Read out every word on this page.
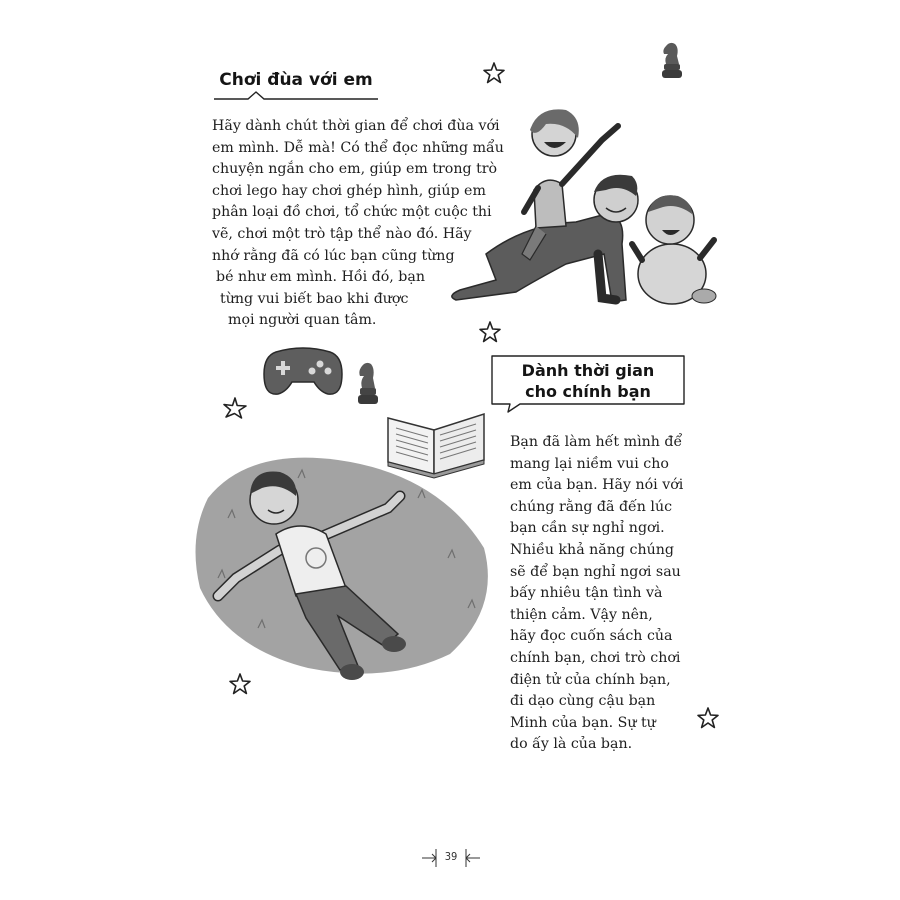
Chơi đùa với em
Hãy dành chút thời gian để chơi đùa với
em mình. Dễ mà! Có thể đọc những mẩu
chuyện ngắn cho em, giúp em trong trò
chơi lego hay chơi ghép hình, giúp em
phân loại đồ chơi, tổ chức một cuộc thi
vẽ, chơi một trò tập thể nào đó. Hãy
nhớ rằng đã có lúc bạn cũng từng
bé như em mình. Hồi đó, bạn
từng vui biết bao khi được
mọi người quan tâm.
Dành thời gian
cho chính bạn
Bạn đã làm hết mình để
mang lại niềm vui cho
em của bạn. Hãy nói với
chúng rằng đã đến lúc
bạn cần sự nghỉ ngơi.
Nhiều khả năng chúng
sẽ để bạn nghỉ ngơi sau
bấy nhiêu tận tình và
thiện cảm. Vậy nên,
hãy đọc cuốn sách của
chính bạn, chơi trò chơi
điện tử của chính bạn,
đi dạo cùng cậu bạn
Minh của bạn. Sự tự
do ấy là của bạn.
39
